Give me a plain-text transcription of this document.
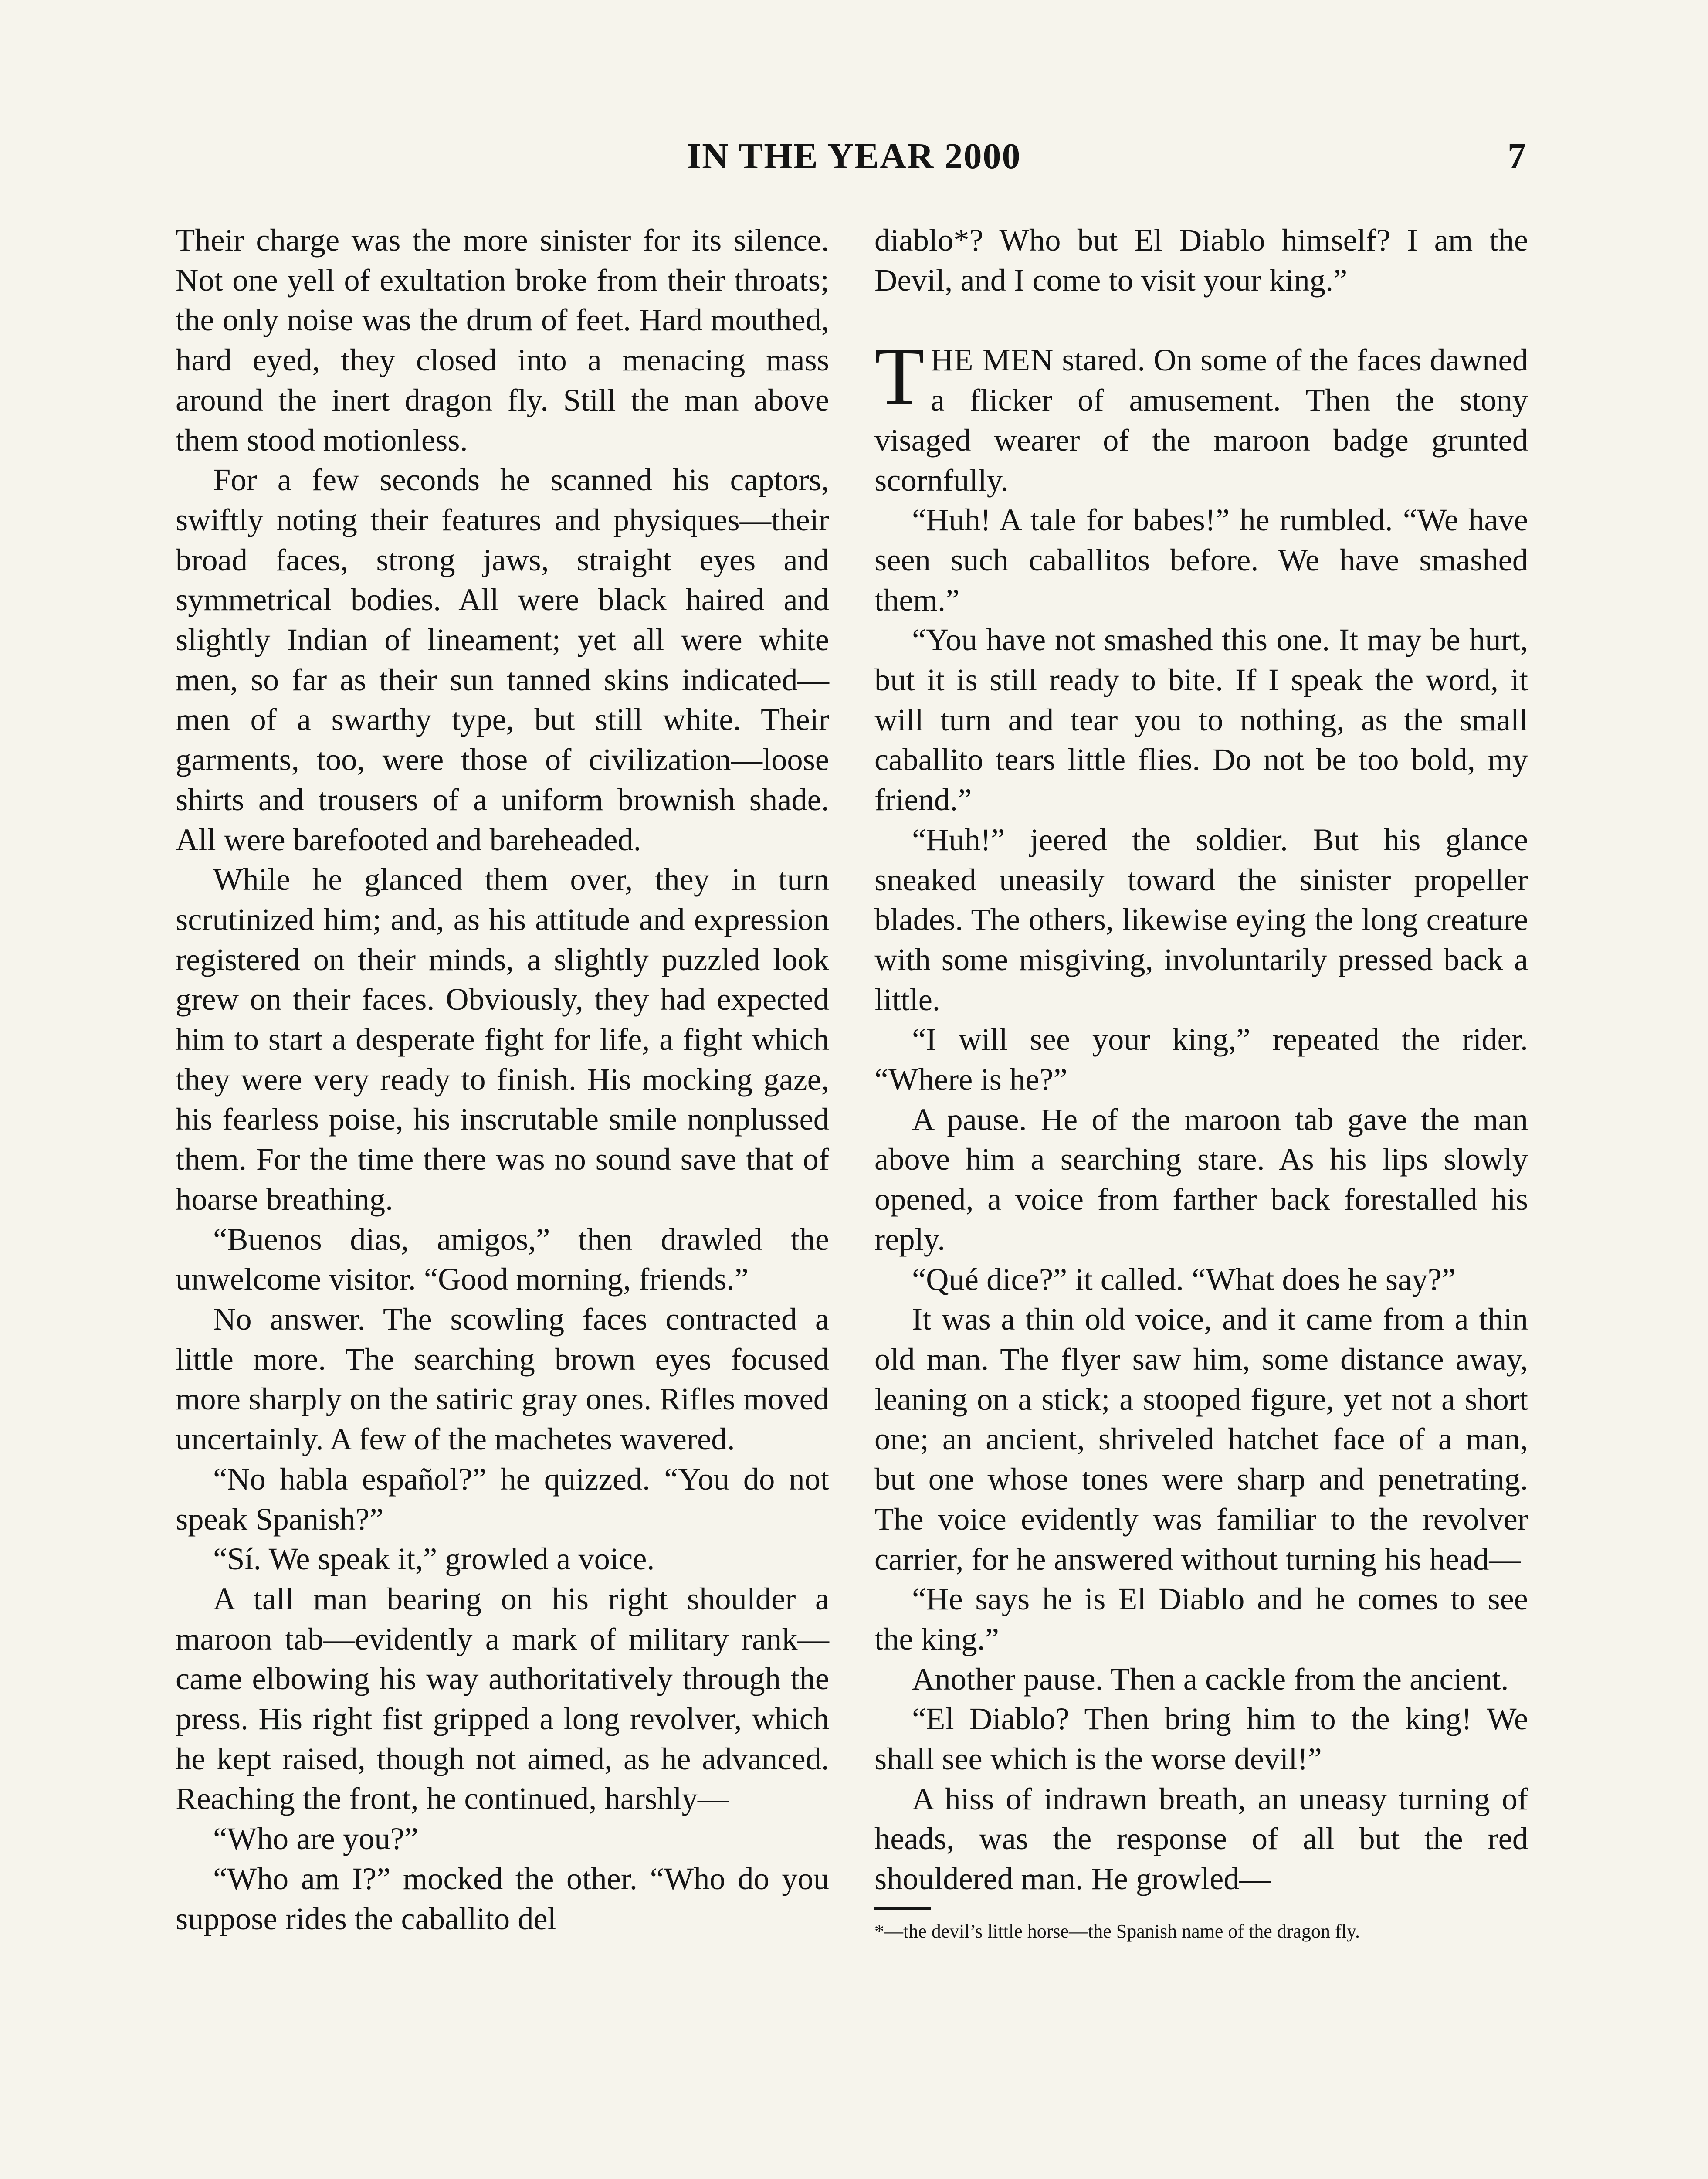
IN THE YEAR 2000	7

Their charge was the more sinister for its silence. Not one yell of exultation broke from their throats; the only noise was the drum of feet. Hard mouthed, hard eyed, they closed into a menacing mass around the inert dragon fly. Still the man above them stood motionless.

For a few seconds he scanned his captors, swiftly noting their features and physiques—their broad faces, strong jaws, straight eyes and symmetrical bodies. All were black haired and slightly Indian of lineament; yet all were white men, so far as their sun tanned skins indicated—men of a swarthy type, but still white. Their garments, too, were those of civilization—loose shirts and trousers of a uniform brownish shade. All were barefooted and bareheaded.

While he glanced them over, they in turn scrutinized him; and, as his attitude and expression registered on their minds, a slightly puzzled look grew on their faces. Obviously, they had expected him to start a desperate fight for life, a fight which they were very ready to finish. His mocking gaze, his fearless poise, his inscrutable smile nonplussed them. For the time there was no sound save that of hoarse breathing.

“Buenos dias, amigos,” then drawled the unwelcome visitor. “Good morning, friends.”

No answer. The scowling faces contracted a little more. The searching brown eyes focused more sharply on the satiric gray ones. Rifles moved uncertainly. A few of the machetes wavered.

“No habla español?” he quizzed. “You do not speak Spanish?”

“Sí. We speak it,” growled a voice.

A tall man bearing on his right shoulder a maroon tab—evidently a mark of military rank—came elbowing his way authoritatively through the press. His right fist gripped a long revolver, which he kept raised, though not aimed, as he advanced. Reaching the front, he continued, harshly—

“Who are you?”

“Who am I?” mocked the other. “Who do you suppose rides the caballito del

diablo*? Who but El Diablo himself? I am the Devil, and I come to visit your king.”

THE MEN stared. On some of the faces dawned a flicker of amusement. Then the stony visaged wearer of the maroon badge grunted scornfully.

“Huh! A tale for babes!” he rumbled. “We have seen such caballitos before. We have smashed them.”

“You have not smashed this one. It may be hurt, but it is still ready to bite. If I speak the word, it will turn and tear you to nothing, as the small caballito tears little flies. Do not be too bold, my friend.”

“Huh!” jeered the soldier. But his glance sneaked uneasily toward the sinister propeller blades. The others, likewise eying the long creature with some misgiving, involuntarily pressed back a little.

“I will see your king,” repeated the rider. “Where is he?”

A pause. He of the maroon tab gave the man above him a searching stare. As his lips slowly opened, a voice from farther back forestalled his reply.

“Qué dice?” it called. “What does he say?”

It was a thin old voice, and it came from a thin old man. The flyer saw him, some distance away, leaning on a stick; a stooped figure, yet not a short one; an ancient, shriveled hatchet face of a man, but one whose tones were sharp and penetrating. The voice evidently was familiar to the revolver carrier, for he answered without turning his head—

“He says he is El Diablo and he comes to see the king.”

Another pause. Then a cackle from the ancient.

“El Diablo? Then bring him to the king! We shall see which is the worse devil!”

A hiss of indrawn breath, an uneasy turning of heads, was the response of all but the red shouldered man. He growled—

*—the devil’s little horse—the Spanish name of the dragon fly.
